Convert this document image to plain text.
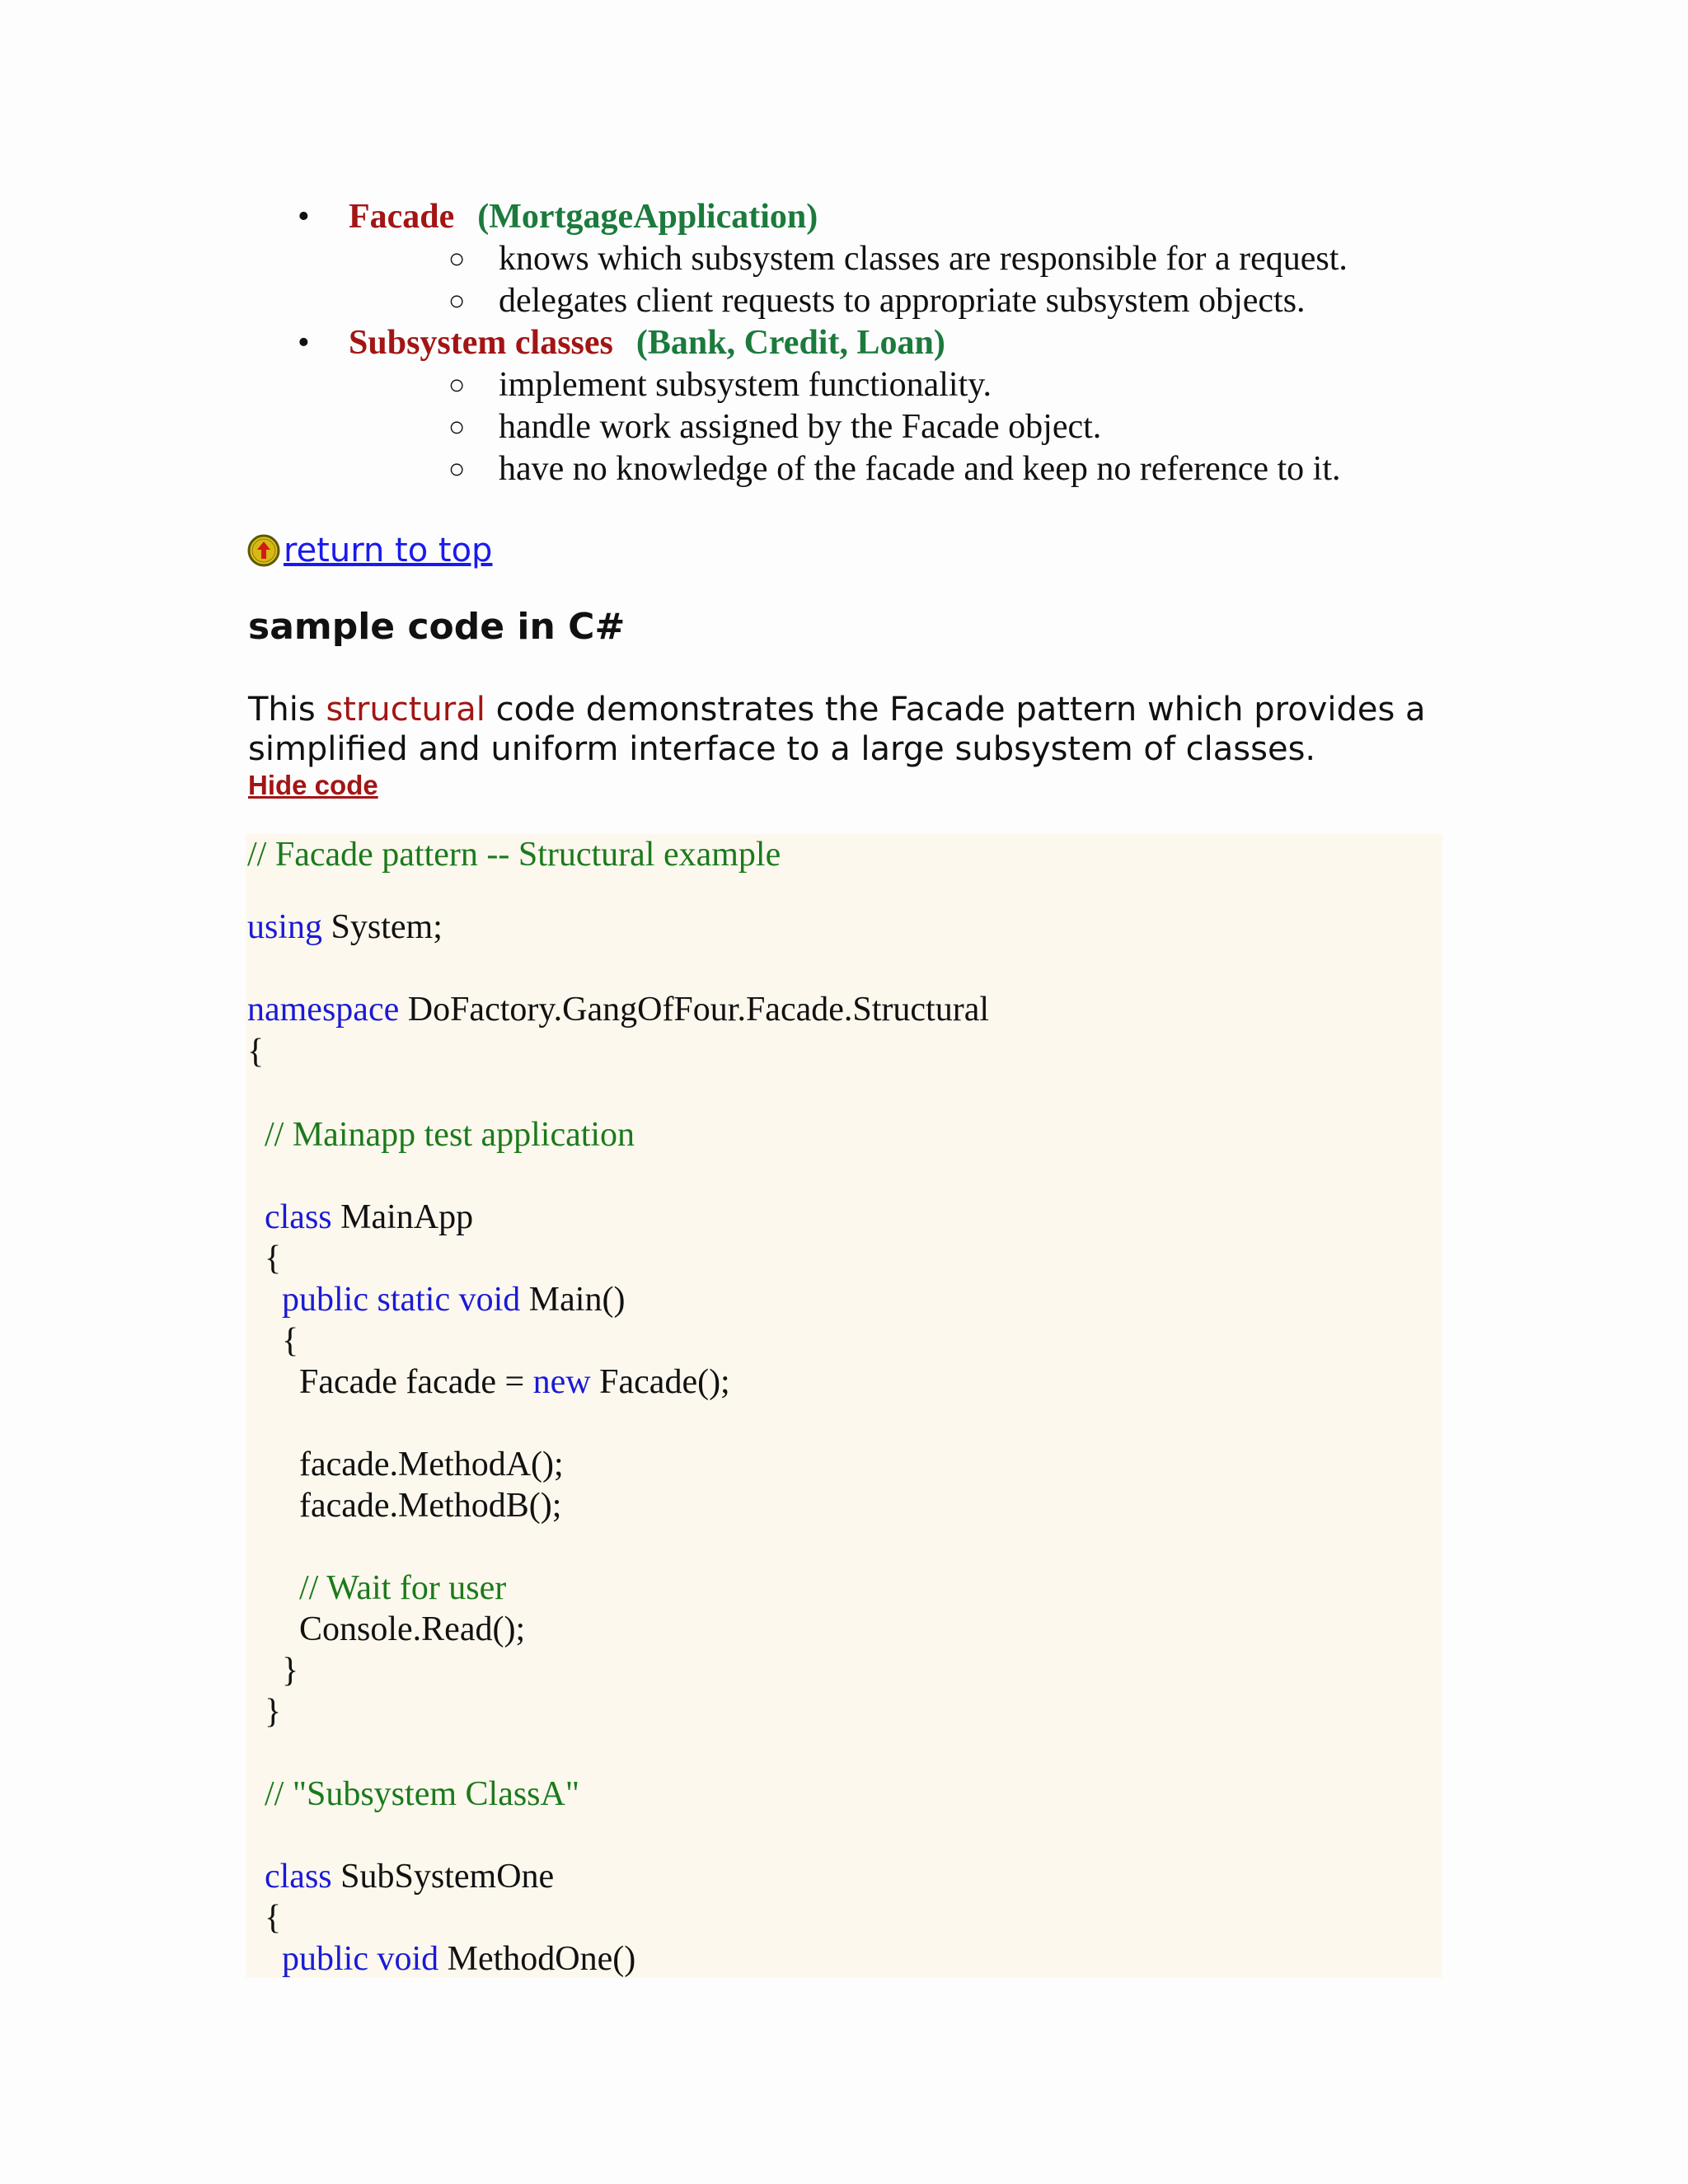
• Facade (MortgageApplication)
○ knows which subsystem classes are responsible for a request.
○ delegates client requests to appropriate subsystem objects.
• Subsystem classes (Bank, Credit, Loan)
○ implement subsystem functionality.
○ handle work assigned by the Facade object.
○ have no knowledge of the facade and keep no reference to it.
return to top
sample code in C#

This structural code demonstrates the Facade pattern which provides a simplified and uniform interface to a large subsystem of classes.

Hide code
// Facade pattern -- Structural example
using System;
namespace DoFactory.GangOfFour.Facade.Structural
{
// Mainapp test application
class MainApp
{
public static void Main()
{
Facade facade = new Facade();
facade.MethodA();
facade.MethodB();
// Wait for user
Console.Read();
}
}
// "Subsystem ClassA"
class SubSystemOne
{
public void MethodOne()
